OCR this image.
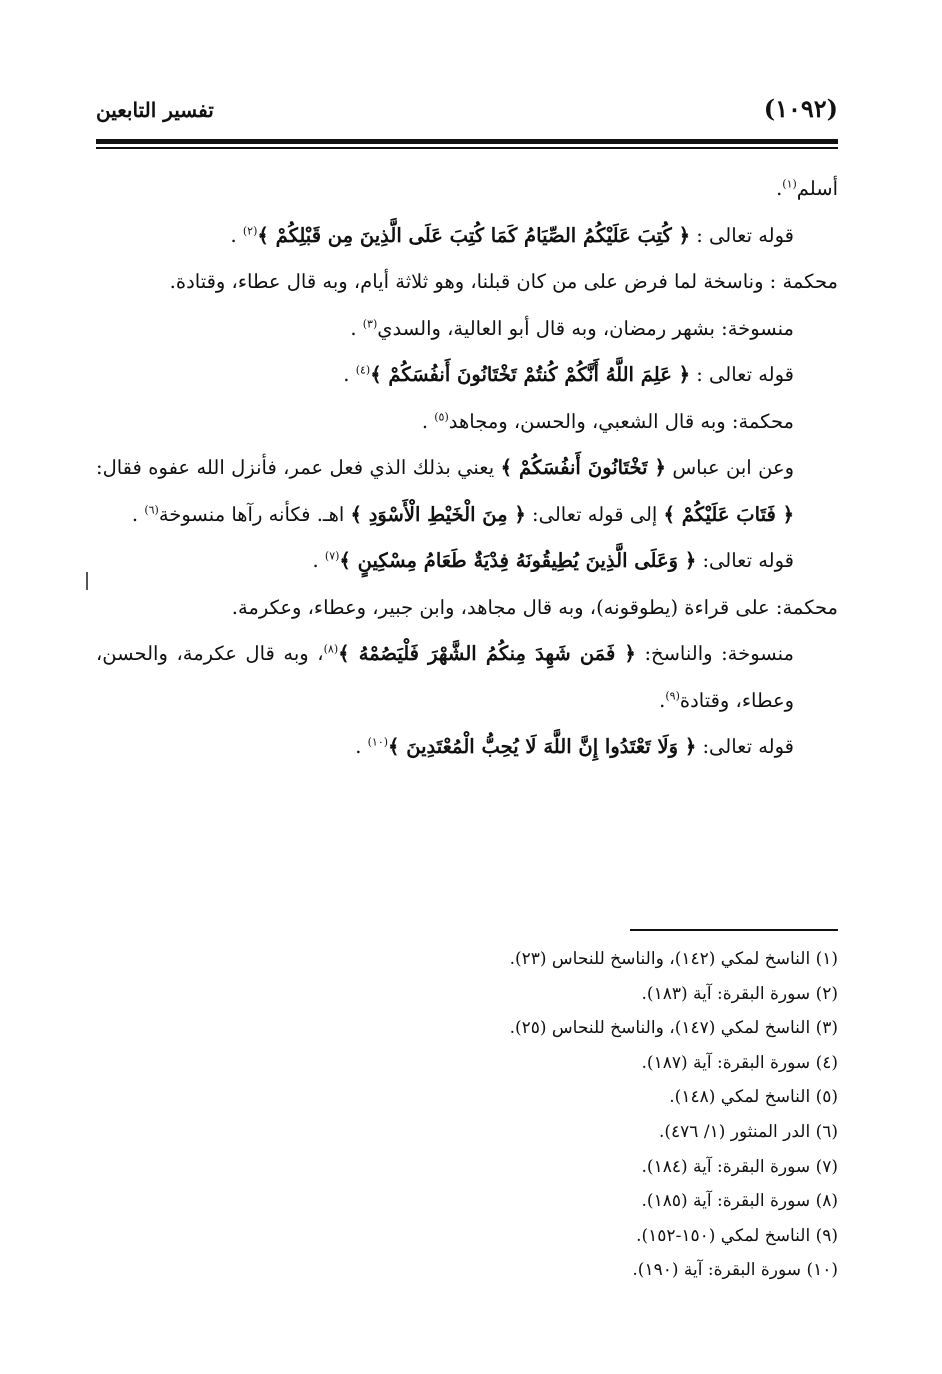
(١٠٩٢)
تفسير التابعين

أسلم$^{(١)}$.

قوله تعالى : ﴿ كُتِبَ عَلَيْكُمُ الصِّيَامُ كَمَا كُتِبَ عَلَى الَّذِينَ مِن قَبْلِكُمْ ﴾$^{(٢)}$ .

محكمة : وناسخة لما فرض على من كان قبلنا، وهو ثلاثة أيام، وبه قال عطاء، وقتادة.

منسوخة: بشهر رمضان، وبه قال أبو العالية، والسدي$^{(٣)}$ .

قوله تعالى : ﴿ عَلِمَ اللَّهُ أَنَّكُمْ كُنتُمْ تَخْتَانُونَ أَنفُسَكُمْ ﴾$^{(٤)}$ .

محكمة: وبه قال الشعبي، والحسن، ومجاهد$^{(٥)}$ .

وعن ابن عباس ﴿ تَخْتَانُونَ أَنفُسَكُمْ ﴾ يعني بذلك الذي فعل عمر، فأنزل الله عفوه فقال: ﴿ فَتَابَ عَلَيْكُمْ ﴾ إلى قوله تعالى: ﴿ مِنَ الْخَيْطِ الْأَسْوَدِ ﴾ اهـ. فكأنه رآها منسوخة$^{(٦)}$ .

قوله تعالى: ﴿ وَعَلَى الَّذِينَ يُطِيقُونَهُ فِدْيَةٌ طَعَامُ مِسْكِينٍ ﴾$^{(٧)}$ .

محكمة: على قراءة (يطوقونه)، وبه قال مجاهد، وابن جبير، وعطاء، وعكرمة.

منسوخة: والناسخ: ﴿ فَمَن شَهِدَ مِنكُمُ الشَّهْرَ فَلْيَصُمْهُ ﴾$^{(٨)}$، وبه قال عكرمة، والحسن، وعطاء، وقتادة$^{(٩)}$.

قوله تعالى: ﴿ وَلَا تَعْتَدُوا إِنَّ اللَّهَ لَا يُحِبُّ الْمُعْتَدِينَ ﴾$^{(١٠)}$ .

(١) الناسخ لمكي (١٤٢)، والناسخ للنحاس (٢٣).
(٢) سورة البقرة: آية (١٨٣).
(٣) الناسخ لمكي (١٤٧)، والناسخ للنحاس (٢٥).
(٤) سورة البقرة: آية (١٨٧).
(٥) الناسخ لمكي (١٤٨).
(٦) الدر المنثور (١/ ٤٧٦).
(٧) سورة البقرة: آية (١٨٤).
(٨) سورة البقرة: آية (١٨٥).
(٩) الناسخ لمكي (١٥٠-١٥٢).
(١٠) سورة البقرة: آية (١٩٠).
